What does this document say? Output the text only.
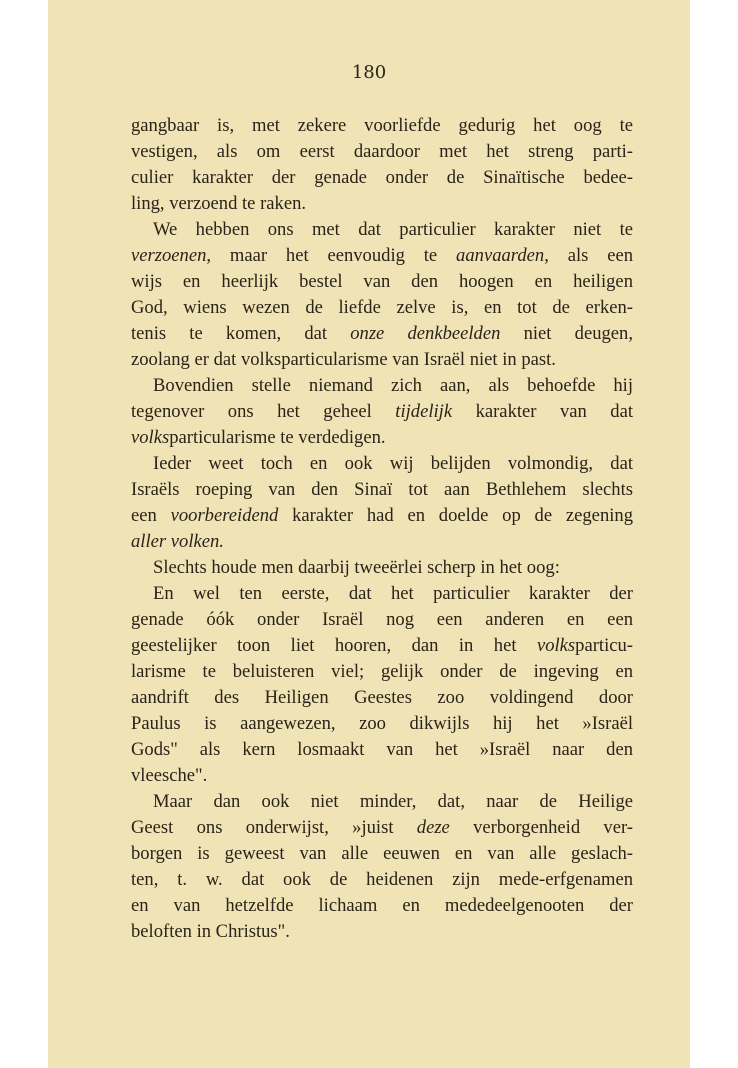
180
gangbaar is, met zekere voorliefde gedurig het oog te
vestigen, als om eerst daardoor met het streng parti-
culier karakter der genade onder de Sinaïtische bedee-
ling, verzoend te raken.
We hebben ons met dat particulier karakter niet te
verzoenen, maar het eenvoudig te aanvaarden, als een
wijs en heerlijk bestel van den hoogen en heiligen
God, wiens wezen de liefde zelve is, en tot de erken-
tenis te komen, dat onze denkbeelden niet deugen,
zoolang er dat volksparticularisme van Israël niet in past.
Bovendien stelle niemand zich aan, als behoefde hij
tegenover ons het geheel tijdelijk karakter van dat
volksparticularisme te verdedigen.
Ieder weet toch en ook wij belijden volmondig, dat
Israëls roeping van den Sinaï tot aan Bethlehem slechts
een voorbereidend karakter had en doelde op de zegening
aller volken.
Slechts houde men daarbij tweeërlei scherp in het oog:
En wel ten eerste, dat het particulier karakter der
genade óók onder Israël nog een anderen en een
geestelijker toon liet hooren, dan in het volksparticu-
larisme te beluisteren viel; gelijk onder de ingeving en
aandrift des Heiligen Geestes zoo voldingend door
Paulus is aangewezen, zoo dikwijls hij het »Israël
Gods" als kern losmaakt van het »Israël naar den
vleesche".
Maar dan ook niet minder, dat, naar de Heilige
Geest ons onderwijst, »juist deze verborgenheid ver-
borgen is geweest van alle eeuwen en van alle geslach-
ten, t. w. dat ook de heidenen zijn mede-erfgenamen
en van hetzelfde lichaam en mededeelgenooten der
beloften in Christus".
